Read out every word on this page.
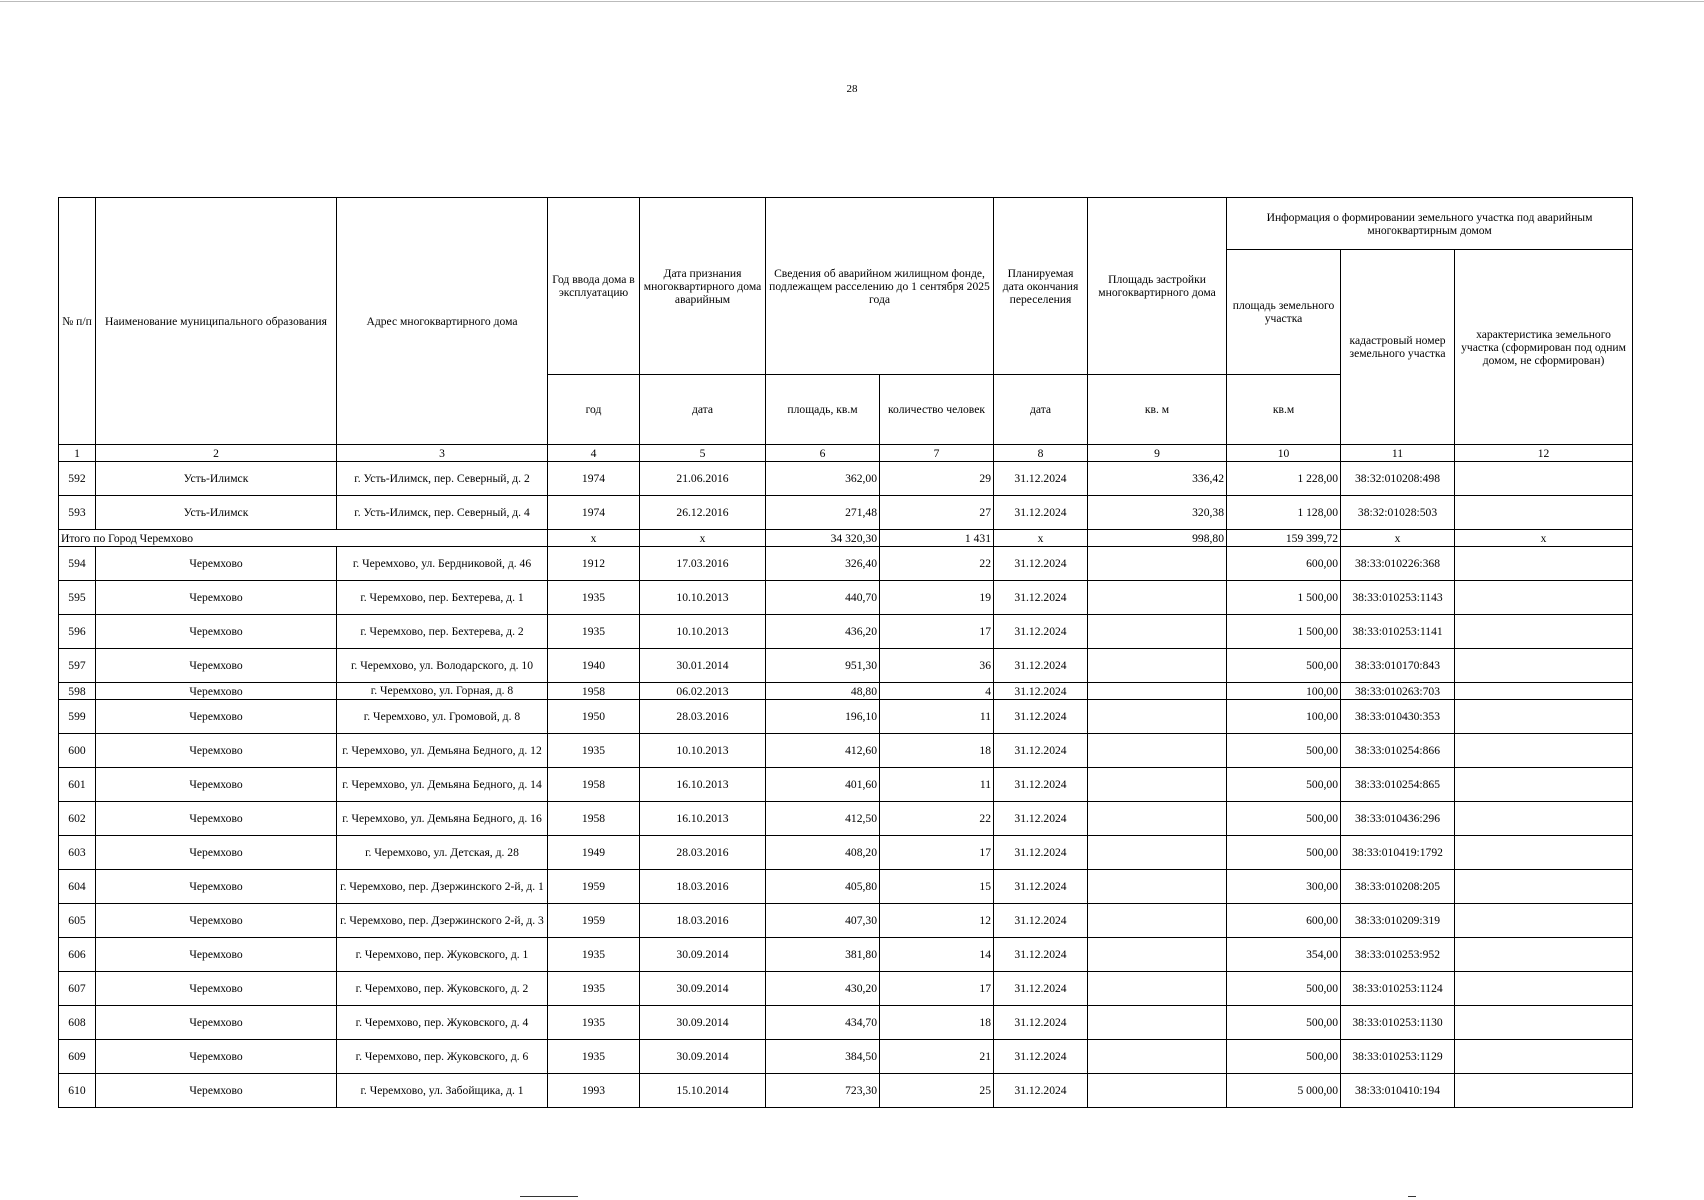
28
№ п/п	Наименование муниципального образования	Адрес многоквартирного дома	Год ввода дома в эксплуатацию	Дата признания многоквартирного дома аварийным	Сведения об аварийном жилищном фонде, подлежащем расселению до 1 сентября 2025 года		Планируемая дата окончания переселения	Площадь застройки многоквартирного дома	Информация о формировании земельного участка под аварийным многоквартирным домом		
									площадь земельного участка	кадастровый номер земельного участка	характеристика земельного участка (сформирован под одним домом, не сформирован)
			год	дата	площадь, кв.м	количество человек	дата	кв. м	кв.м		
1	2	3	4	5	6	7	8	9	10	11	12
592	Усть-Илимск	г. Усть-Илимск, пер. Северный, д. 2	1974	21.06.2016	362,00	29	31.12.2024	336,42	1 228,00	38:32:010208:498	
593	Усть-Илимск	г. Усть-Илимск, пер. Северный, д. 4	1974	26.12.2016	271,48	27	31.12.2024	320,38	1 128,00	38:32:01028:503	
Итого по Город Черемхово			x	x	34 320,30	1 431	x	998,80	159 399,72	x	x
594	Черемхово	г. Черемхово, ул. Бердниковой, д. 46	1912	17.03.2016	326,40	22	31.12.2024		600,00	38:33:010226:368	
595	Черемхово	г. Черемхово, пер. Бехтерева, д. 1	1935	10.10.2013	440,70	19	31.12.2024		1 500,00	38:33:010253:1143	
596	Черемхово	г. Черемхово, пер. Бехтерева, д. 2	1935	10.10.2013	436,20	17	31.12.2024		1 500,00	38:33:010253:1141	
597	Черемхово	г. Черемхово, ул. Володарского, д. 10	1940	30.01.2014	951,30	36	31.12.2024		500,00	38:33:010170:843	
598	Черемхово	г. Черемхово, ул. Горная, д. 8	1958	06.02.2013	48,80	4	31.12.2024		100,00	38:33:010263:703	
599	Черемхово	г. Черемхово, ул. Громовой, д. 8	1950	28.03.2016	196,10	11	31.12.2024		100,00	38:33:010430:353	
600	Черемхово	г. Черемхово, ул. Демьяна Бедного, д. 12	1935	10.10.2013	412,60	18	31.12.2024		500,00	38:33:010254:866	
601	Черемхово	г. Черемхово, ул. Демьяна Бедного, д. 14	1958	16.10.2013	401,60	11	31.12.2024		500,00	38:33:010254:865	
602	Черемхово	г. Черемхово, ул. Демьяна Бедного, д. 16	1958	16.10.2013	412,50	22	31.12.2024		500,00	38:33:010436:296	
603	Черемхово	г. Черемхово, ул. Детская, д. 28	1949	28.03.2016	408,20	17	31.12.2024		500,00	38:33:010419:1792	
604	Черемхово	г. Черемхово, пер. Дзержинского 2-й, д. 1	1959	18.03.2016	405,80	15	31.12.2024		300,00	38:33:010208:205	
605	Черемхово	г. Черемхово, пер. Дзержинского 2-й, д. 3	1959	18.03.2016	407,30	12	31.12.2024		600,00	38:33:010209:319	
606	Черемхово	г. Черемхово, пер. Жуковского, д. 1	1935	30.09.2014	381,80	14	31.12.2024		354,00	38:33:010253:952	
607	Черемхово	г. Черемхово, пер. Жуковского, д. 2	1935	30.09.2014	430,20	17	31.12.2024		500,00	38:33:010253:1124	
608	Черемхово	г. Черемхово, пер. Жуковского, д. 4	1935	30.09.2014	434,70	18	31.12.2024		500,00	38:33:010253:1130	
609	Черемхово	г. Черемхово, пер. Жуковского, д. 6	1935	30.09.2014	384,50	21	31.12.2024		500,00	38:33:010253:1129	
610	Черемхово	г. Черемхово, ул. Забойщика, д. 1	1993	15.10.2014	723,30	25	31.12.2024		5 000,00	38:33:010410:194	
